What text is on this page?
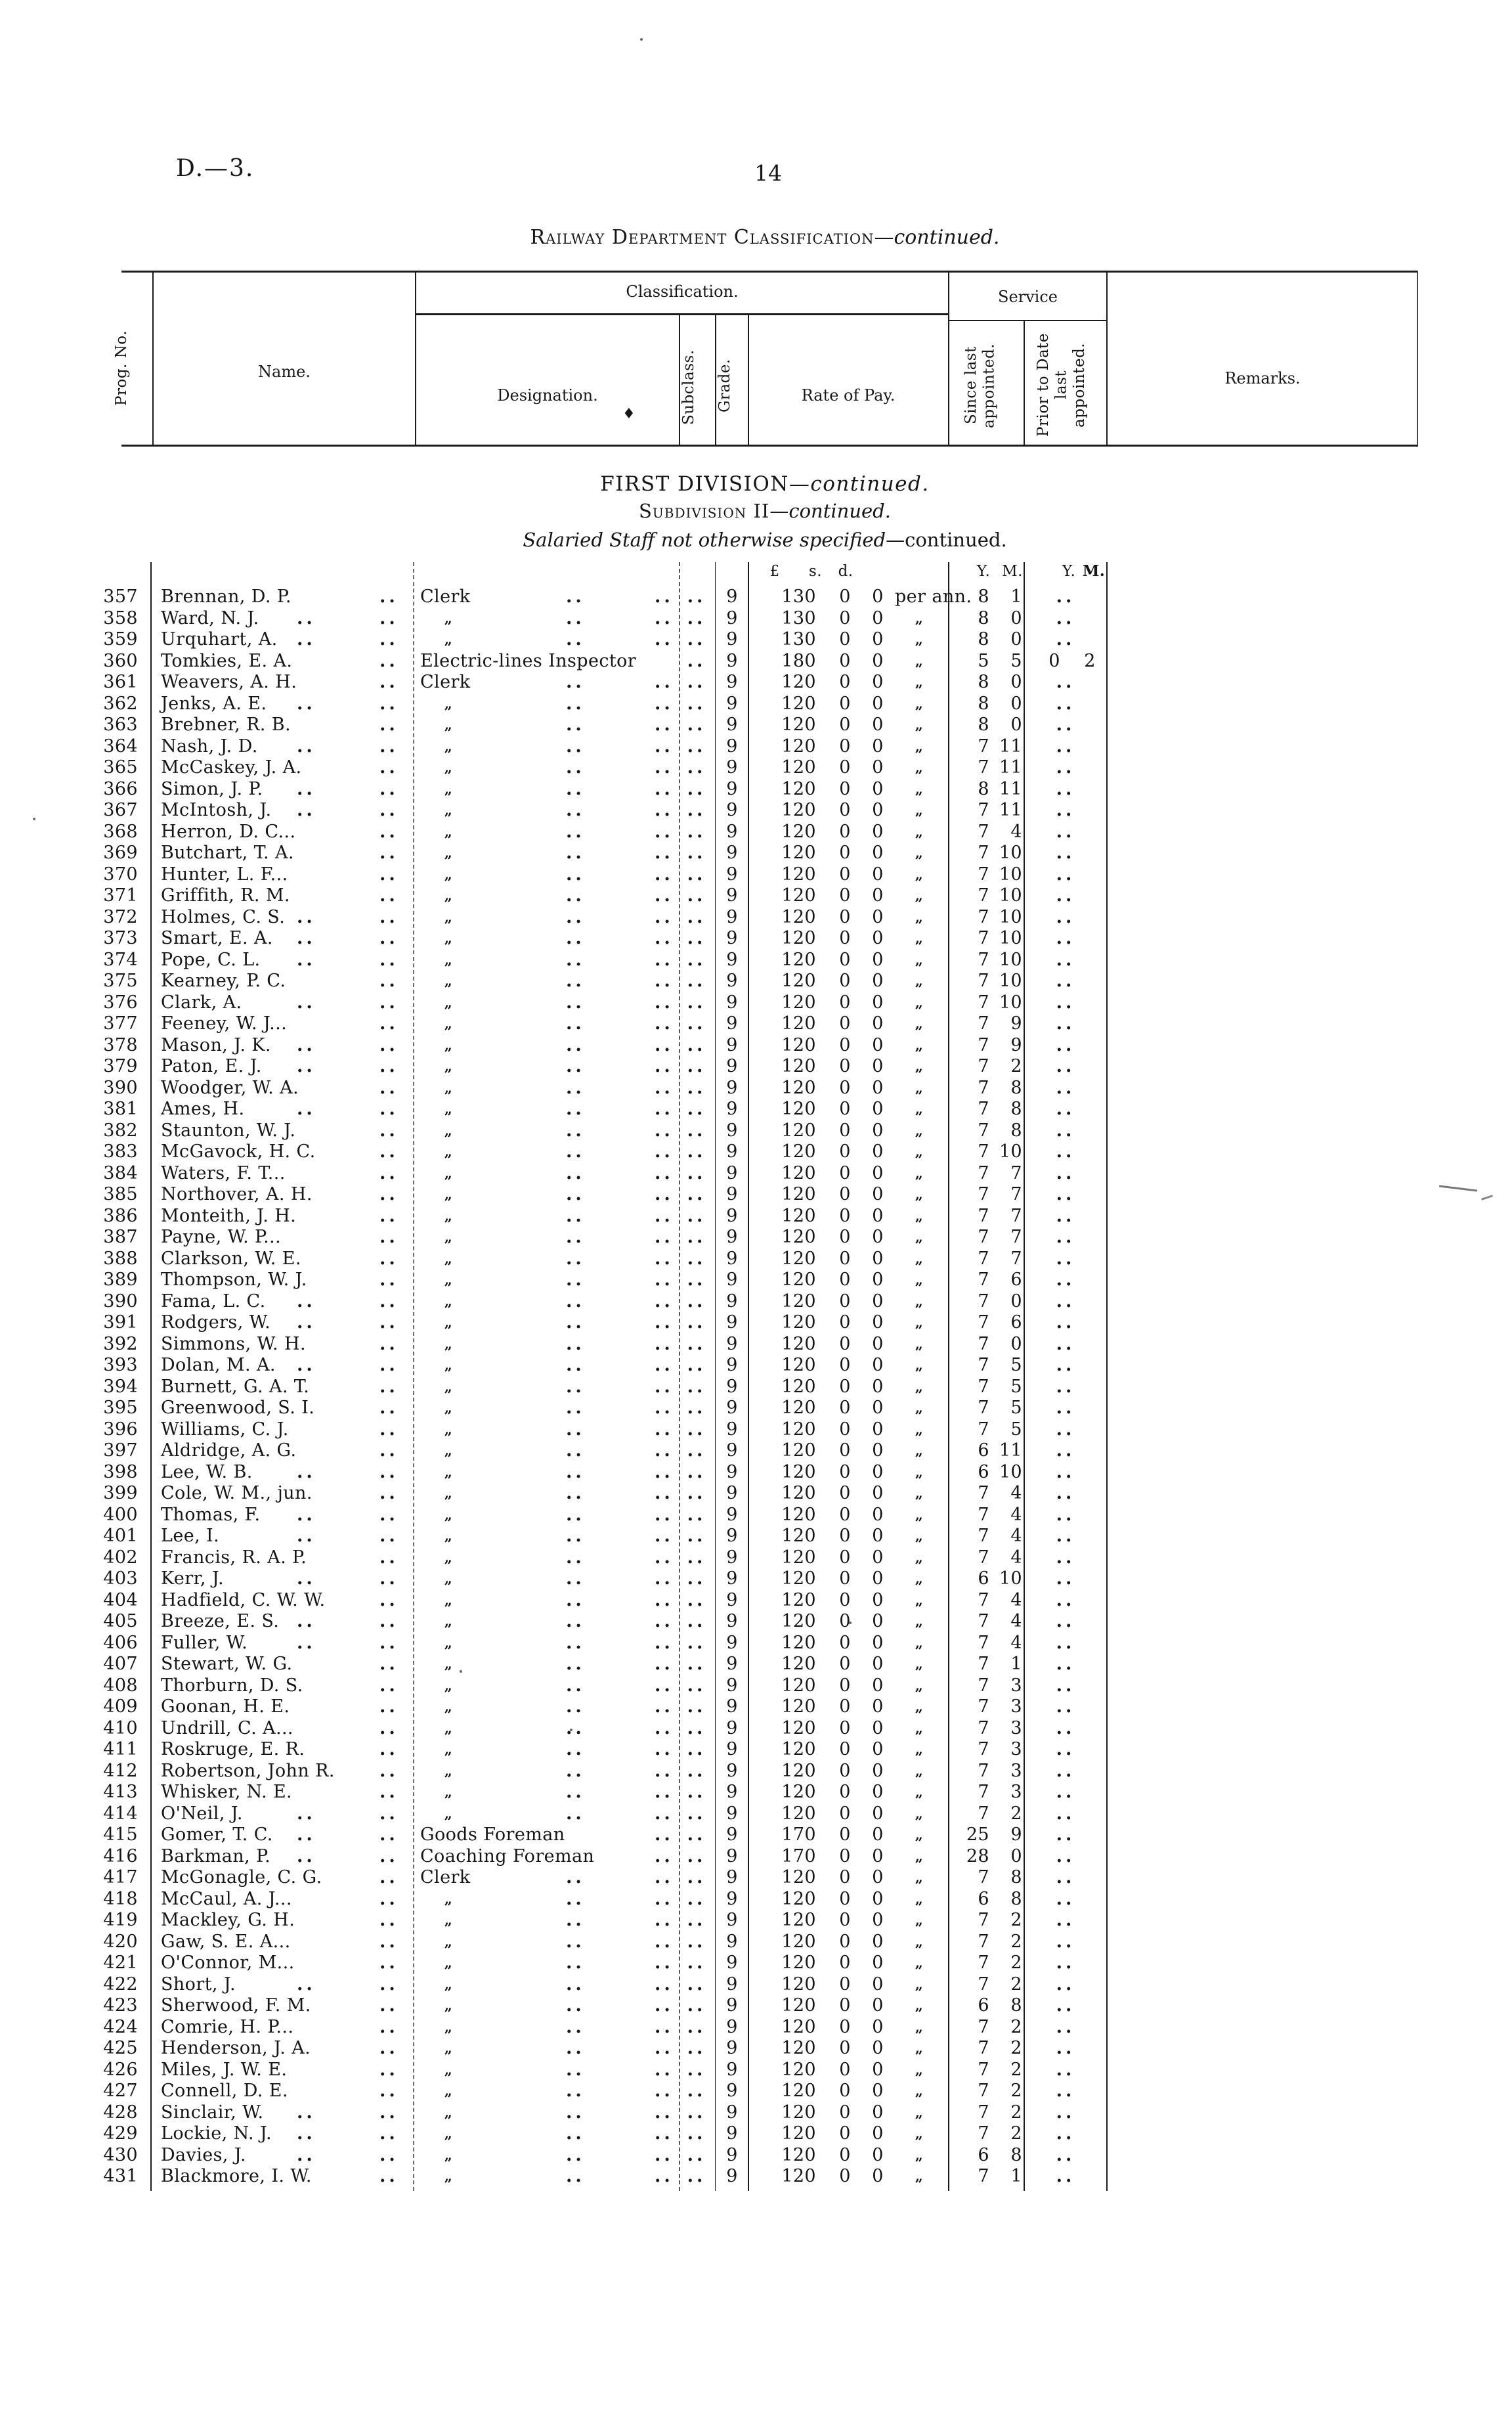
D.—3.	14
Railway Department Classification—continued.
Prog. No.	Name.
Classification.
Designation.
♦	Subclass.	Grade.	Rate of Pay.
Service
Since last appointed. Prior to Date last appointed.	Remarks.
FIRST DIVISION—continued.
Subdivision II—continued.
Salaried Staff not otherwise specified—continued.
£	s.	d.	Y. M.	Y. M.
357 Brennan, D. P.	.. Clerk	..	.. ..	9	130	0	0 per ann. 8	1	..
358 Ward, N. J. ..	..	„	..	.. ..	9	130	0	0	„	8	0	..
359 Urquhart, A. ..	..	„	..	.. ..	9	130	0	0	„	8	0	..
360 Tomkies, E. A.	.. Electric-lines Inspector	..	9	180	0	0	„	5	5	0	2
361 Weavers, A. H.	.. Clerk	..	.. ..	9	120	0	0	„	8	0	..
362 Jenks, A. E. ..	..	„	..	.. ..	9	120	0	0	„	8	0	..
363 Brebner, R. B.	..	„	..	.. ..	9	120	0	0	„	8	0	..
364 Nash, J. D. ..	..	„	..	.. ..	9	120	0	0	„	7 11	..
365 McCaskey, J. A.	..	„	..	.. ..	9	120	0	0	„	7 11	..
366 Simon, J. P. ..	..	„	..	.. ..	9	120	0	0	„	8 11	..
367 McIntosh, J. ..	..	„	..	.. ..	9	120	0	0	„	7 11	..
368 Herron, D. C...	..	„	..	.. ..	9	120	0	0	„	7	4	..
369 Butchart, T. A.	..	„	..	.. ..	9	120	0	0	„	7 10	..
370 Hunter, L. F...	..	„	..	.. ..	9	120	0	0	„	7 10	..
371 Griffith, R. M.	..	„	..	.. ..	9	120	0	0	„	7 10	..
372 Holmes, C. S. ..	..	„	..	.. ..	9	120	0	0	„	7 10	..
373 Smart, E. A. ..	..	„	..	.. ..	9	120	0	0	„	7 10	..
374 Pope, C. L. ..	..	„	..	.. ..	9	120	0	0	„	7 10	..
375 Kearney, P. C.	..	„	..	.. ..	9	120	0	0	„	7 10	..
376 Clark, A.	..	..	„	..	.. ..	9	120	0	0	„	7 10	..
377 Feeney, W. J...	..	„	..	.. ..	9	120	0	0	„	7	9	..
378 Mason, J. K. ..	..	„	..	.. ..	9	120	0	0	„	7	9	..
379 Paton, E. J. ..	..	„	..	.. ..	9	120	0	0	„	7	2	..
390 Woodger, W. A.	..	„	..	.. ..	9	120	0	0	„	7	8	..
381 Ames, H.	..	..	„	..	.. ..	9	120	0	0	„	7	8	..
382 Staunton, W. J.	..	„	..	.. ..	9	120	0	0	„	7	8	..
383 McGavock, H. C.	..	„	..	.. ..	9	120	0	0	„	7 10	..
384 Waters, F. T...	..	„	..	.. ..	9	120	0	0	„	7	7	..
385 Northover, A. H.	..	„	..	.. ..	9	120	0	0	„	7	7	..
386 Monteith, J. H.	..	„	..	.. ..	9	120	0	0	„	7	7	..
387 Payne, W. P...	..	„	..	.. ..	9	120	0	0	„	7	7	..
388 Clarkson, W. E.	..	„	..	.. ..	9	120	0	0	„	7	7	..
389 Thompson, W. J.	..	„	..	.. ..	9	120	0	0	„	7	6	..
390 Fama, L. C. ..	..	„	..	.. ..	9	120	0	0	„	7	0	..
391 Rodgers, W. ..	..	„	..	.. ..	9	120	0	0	„	7	6	..
392 Simmons, W. H.	..	„	..	.. ..	9	120	0	0	„	7	0	..
393 Dolan, M. A. ..	..	„	..	.. ..	9	120	0	0	„	7	5	..
394 Burnett, G. A. T.	..	„	..	.. ..	9	120	0	0	„	7	5	..
395 Greenwood, S. I.	..	„	..	.. ..	9	120	0	0	„	7	5	..
396 Williams, C. J.	..	„	..	.. ..	9	120	0	0	„	7	5	..
397 Aldridge, A. G.	..	„	..	.. ..	9	120	0	0	„	6 11	..
398 Lee, W. B. ..	..	„	..	.. ..	9	120	0	0	„	6 10	..
399 Cole, W. M., jun.	..	„	..	.. ..	9	120	0	0	„	7	4	..
400 Thomas, F. ..	..	„	..	.. ..	9	120	0	0	„	7	4	..
401 Lee, I.	..	..	„	..	.. ..	9	120	0	0	„	7	4	..
402 Francis, R. A. P.	..	„	..	.. ..	9	120	0	0	„	7	4	..
403 Kerr, J.	..	..	„	..	.. ..	9	120	0	0	„	6 10	..
404 Hadfield, C. W. W.	..	„	..	.. ..	9	120	0	0	„	7	4	..
405 Breeze, E. S. ..	..	„	..	.. ..	9	120	0	0	„	7	4	..
406 Fuller, W.	..	..	„	..	.. ..	9	120	0	0	„	7	4	..
407 Stewart, W. G.	..	„	..	.. ..	9	120	0	0	„	7	1	..
408 Thorburn, D. S.	..	„	..	.. ..	9	120	0	0	„	7	3	..
409 Goonan, H. E.	..	„	..	.. ..	9	120	0	0	„	7	3	..
410 Undrill, C. A...	..	„	..	.. ..	9	120	0	0	„	7	3	..
411 Roskruge, E. R.	..	„	..	.. ..	9	120	0	0	„	7	3	..
412 Robertson, John R.	..	„	..	.. ..	9	120	0	0	„	7	3	..
413 Whisker, N. E.	..	„	..	.. ..	9	120	0	0	„	7	3	..
414 O'Neil, J.	..	..	„	..	.. ..	9	120	0	0	„	7	2	..
415 Gomer, T. C. ..	.. Goods Foreman	.. ..	9	170	0	0	„	25	9	..
416 Barkman, P. ..	.. Coaching Foreman	.. ..	9	170	0	0	„	28	0	..
417 McGonagle, C. G.	.. Clerk	..	.. ..	9	120	0	0	„	7	8	..
418 McCaul, A. J...	..	„	..	.. ..	9	120	0	0	„	6	8	..
419 Mackley, G. H.	..	„	..	.. ..	9	120	0	0	„	7	2	..
420 Gaw, S. E. A...	..	„	..	.. ..	9	120	0	0	„	7	2	..
421 O'Connor, M...	..	„	..	.. ..	9	120	0	0	„	7	2	..
422 Short, J.	..	..	„	..	.. ..	9	120	0	0	„	7	2	..
423 Sherwood, F. M.	..	„	..	.. ..	9	120	0	0	„	6	8	..
424 Comrie, H. P...	..	„	..	.. ..	9	120	0	0	„	7	2	..
425 Henderson, J. A.	..	„	..	.. ..	9	120	0	0	„	7	2	..
426 Miles, J. W. E.	..	„	..	.. ..	9	120	0	0	„	7	2	..
427 Connell, D. E.	..	„	..	.. ..	9	120	0	0	„	7	2	..
428 Sinclair, W. ..	..	„	..	.. ..	9	120	0	0	„	7	2	..
429 Lockie, N. J. ..	..	„	..	.. ..	9	120	0	0	„	7	2	..
430 Davies, J.	..	..	„	..	.. ..	9	120	0	0	„	6	8	..
431 Blackmore, I. W.	..	„	..	.. ..	9	120	0	0	„	7	1	..
